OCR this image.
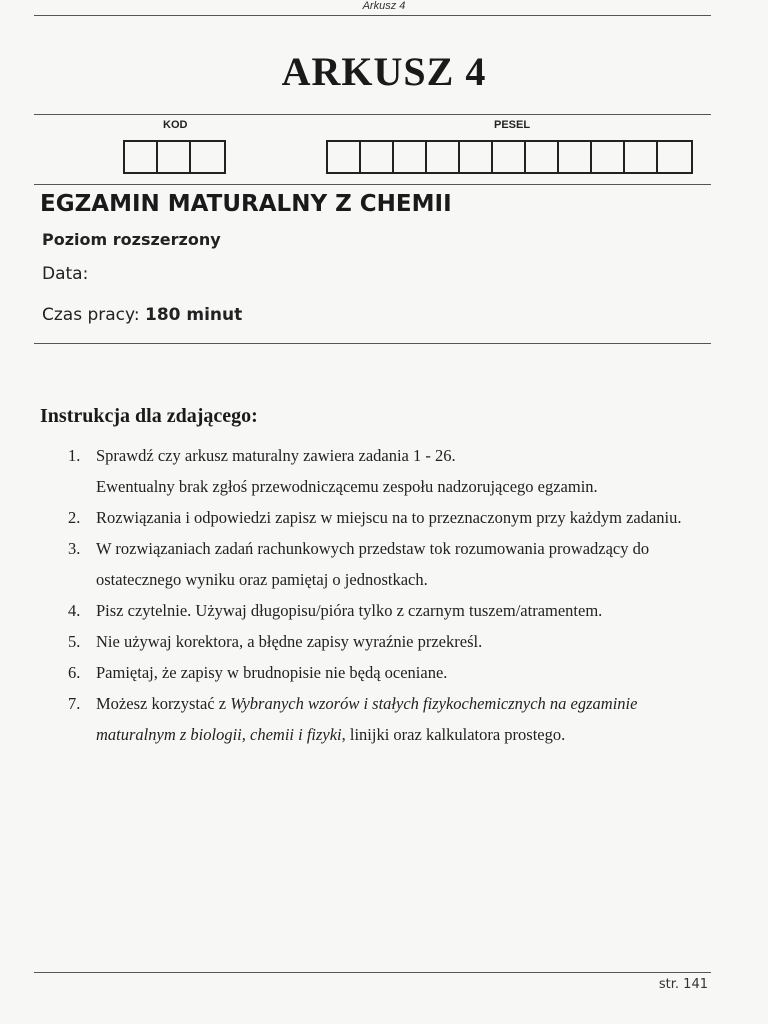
Arkusz 4
ARKUSZ 4
KOD	PESEL
EGZAMIN MATURALNY Z CHEMII
Poziom rozszerzony
Data:
Czas pracy: 180 minut
Instrukcja dla zdającego:
1. Sprawdź czy arkusz maturalny zawiera zadania 1 - 26.
Ewentualny brak zgłoś przewodniczącemu zespołu nadzorującego egzamin.
2. Rozwiązania i odpowiedzi zapisz w miejscu na to przeznaczonym przy każdym zadaniu.
3. W rozwiązaniach zadań rachunkowych przedstaw tok rozumowania prowadzący do ostatecznego wyniku oraz pamiętaj o jednostkach.
4. Pisz czytelnie. Używaj długopisu/pióra tylko z czarnym tuszem/atramentem.
5. Nie używaj korektora, a błędne zapisy wyraźnie przekreśl.
6. Pamiętaj, że zapisy w brudnopisie nie będą oceniane.
7. Możesz korzystać z Wybranych wzorów i stałych fizykochemicznych na egzaminie maturalnym z biologii, chemii i fizyki, linijki oraz kalkulatora prostego.
str. 141
